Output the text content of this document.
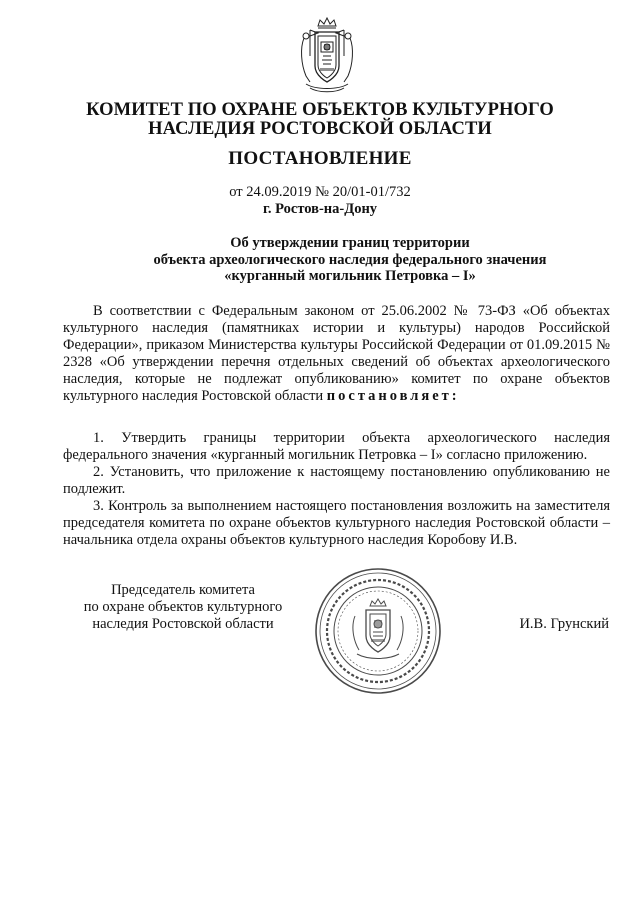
КОМИТЕТ ПО ОХРАНЕ ОБЪЕКТОВ КУЛЬТУРНОГО
НАСЛЕДИЯ РОСТОВСКОЙ ОБЛАСТИ
ПОСТАНОВЛЕНИЕ
от 24.09.2019 № 20/01-01/732
г. Ростов-на-Дону
Об утверждении границ территории
объекта археологического наследия федерального значения
«курганный могильник Петровка – I»

В соответствии с Федеральным законом от 25.06.2002 № 73-ФЗ «Об объектах культурного наследия (памятниках истории и культуры) народов Российской Федерации», приказом Министерства культуры Российской Федерации от 01.09.2015 № 2328 «Об утверждении перечня отдельных сведений об объектах археологического наследия, которые не подлежат опубликованию» комитет по охране объектов культурного наследия Ростовской области постановляет:

1. Утвердить границы территории объекта археологического наследия федерального значения «курганный могильник Петровка – I» согласно приложению.

2. Установить, что приложение к настоящему постановлению опубликованию не подлежит.

3. Контроль за выполнением настоящего постановления возложить на заместителя председателя комитета по охране объектов культурного наследия Ростовской области – начальника отдела охраны объектов культурного наследия Коробову И.В.

Председатель комитета
по охране объектов культурного
наследия Ростовской области	И.В. Грунский
